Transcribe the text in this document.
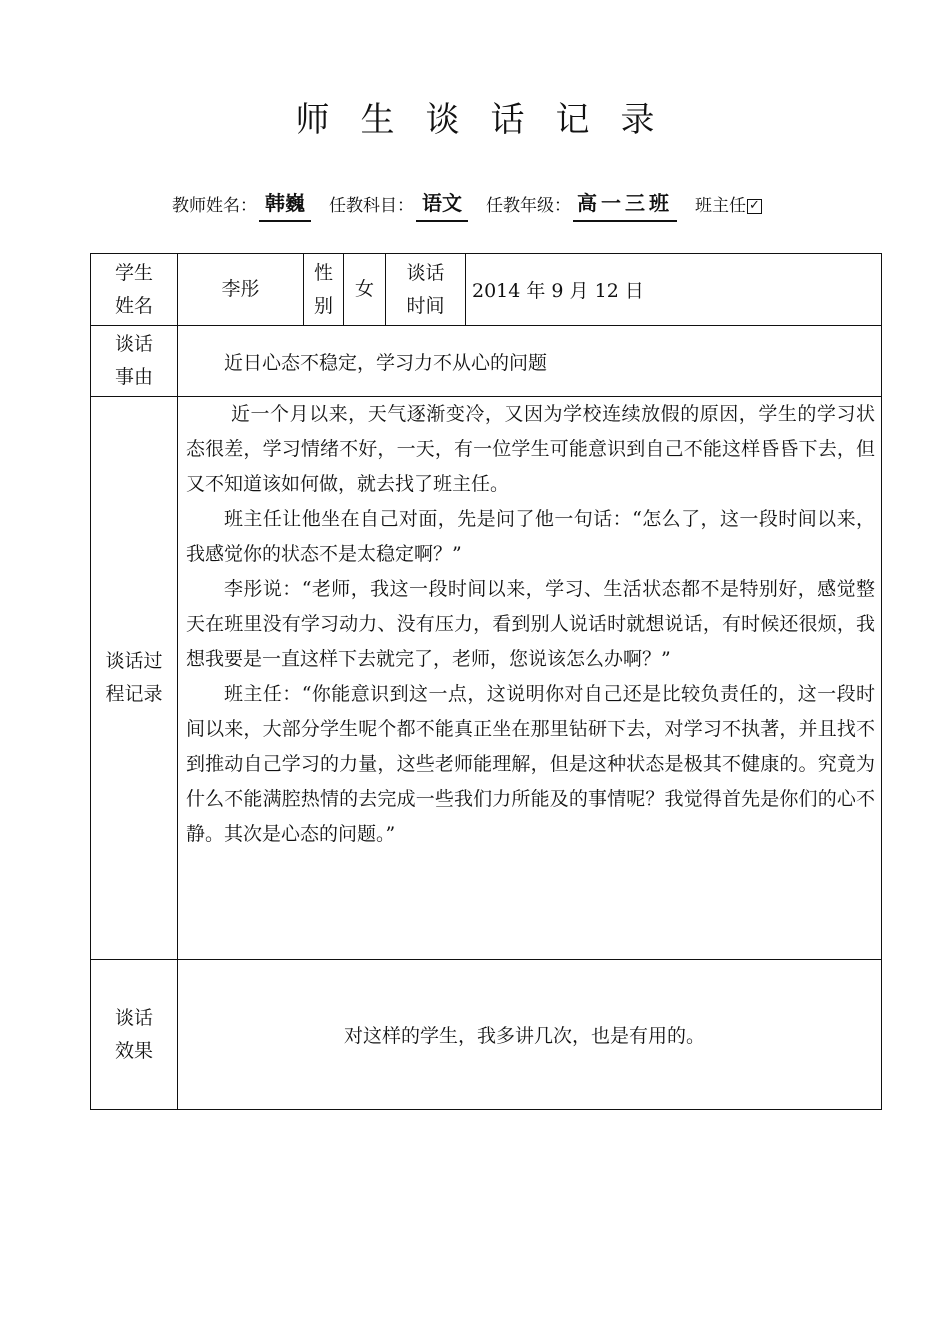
师生谈话记录
教师姓名： 韩巍	任教科目： 语文	任教年级： 高一三班 班主任 ✓
学生姓名	李彤	性别	女	谈话时间	2014 年 9 月 12 日
谈话事由	近日心态不稳定，学习力不从心的问题				
谈话过程记录	近一个月以来，天气逐渐变冷，又因为学校连续放假的原因，学生的学习状态很差，学习情绪不好，一天，有一位学生可能意识到自己不能这样昏昏下去，但又不知道该如何做，就去找了班主任。

班主任让他坐在自己对面，先是问了他一句话：“怎么了，这一段时间以来，我感觉你的状态不是太稳定啊？”

李彤说：“老师，我这一段时间以来，学习、生活状态都不是特别好，感觉整天在班里没有学习动力、没有压力，看到别人说话时就想说话，有时候还很烦，我想我要是一直这样下去就完了，老师，您说该怎么办啊？”

班主任：“你能意识到这一点，这说明你对自己还是比较负责任的，这一段时间以来，大部分学生呢个都不能真正坐在那里钻研下去，对学习不执著，并且找不到推动自己学习的力量，这些老师能理解，但是这种状态是极其不健康的。究竟为什么不能满腔热情的去完成一些我们力所能及的事情呢？我觉得首先是你们的心不静。其次是心态的问题。”				

谈话效果	对这样的学生，我多讲几次，也是有用的。				
